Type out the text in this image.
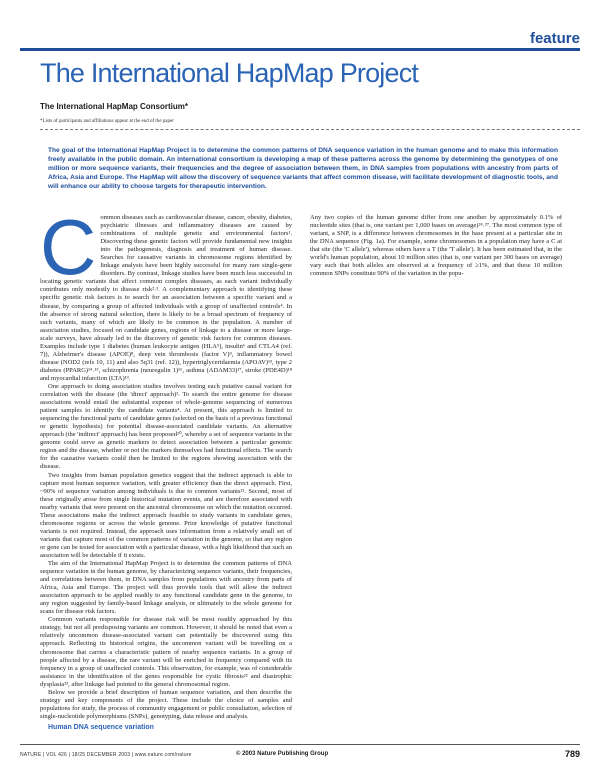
feature
The International HapMap Project
The International HapMap Consortium*
*Lists of participants and affiliations appear at the end of the paper

The goal of the International HapMap Project is to determine the common patterns of DNA sequence variation in the human genome and to make this information freely available in the public domain. An international consortium is developing a map of these patterns across the genome by determining the genotypes of one million or more sequence variants, their frequencies and the degree of association between them, in DNA samples from populations with ancestry from parts of Africa, Asia and Europe. The HapMap will allow the discovery of sequence variants that affect common disease, will facilitate development of diagnostic tools, and will enhance our ability to choose targets for therapeutic intervention.

Common diseases such as cardiovascular disease, cancer, obesity, diabetes, psychiatric illnesses and inflammatory diseases are caused by combinations of multiple genetic and environmental factors¹. Discovering these genetic factors will provide fundamental new insights into the pathogenesis, diagnosis and treatment of human disease. Searches for causative variants in chromosome regions identified by linkage analysis have been highly successful for many rare single-gene disorders. By contrast, linkage studies have been much less successful in locating genetic variants that affect common complex diseases, as each variant individually contributes only modestly to disease risk²˒³. A complementary approach to identifying these specific genetic risk factors is to search for an association between a specific variant and a disease, by comparing a group of affected individuals with a group of unaffected controls⁴. In the absence of strong natural selection, there is likely to be a broad spectrum of frequency of such variants, many of which are likely to be common in the population. A number of association studies, focused on candidate genes, regions of linkage to a disease or more large-scale surveys, have already led to the discovery of genetic risk factors for common diseases. Examples include type 1 diabetes (human leukocyte antigen (HLA⁵), insulin⁶ and CTLA4 (ref. 7)), Alzheimer's disease (APOE)⁸, deep vein thrombosis (factor V)⁹, inflammatory bowel disease (NOD2 (refs 10, 11) and also 5q31 (ref. 12)), hypertriglyceridaemia (APOAV)¹³, type 2 diabetes (PPARG)¹⁴˒¹⁵, schizophrenia (neuregulin 1)¹⁶, asthma (ADAM33)¹⁷, stroke (PDE4D)¹⁸ and myocardial infarction (LTA)¹⁹.

One approach to doing association studies involves testing each putative causal variant for correlation with the disease (the 'direct' approach)². To search the entire genome for disease associations would entail the substantial expense of whole-genome sequencing of numerous patient samples to identify the candidate variants⁴. At present, this approach is limited to sequencing the functional parts of candidate genes (selected on the basis of a previous functional or genetic hypothesis) for potential disease-associated candidate variants. An alternative approach (the 'indirect' approach) has been proposed²⁰, whereby a set of sequence variants in the genome could serve as genetic markers to detect association between a particular genomic region and the disease, whether or not the markers themselves had functional effects. The search for the causative variants could then be limited to the regions showing association with the disease.

Two insights from human population genetics suggest that the indirect approach is able to capture most human sequence variation, with greater efficiency than the direct approach. First, ~90% of sequence variation among individuals is due to common variants²¹. Second, most of these originally arose from single historical mutation events, and are therefore associated with nearby variants that were present on the ancestral chromosome on which the mutation occurred. These associations make the indirect approach feasible to study variants in candidate genes, chromosome regions or across the whole genome. Prior knowledge of putative functional variants is not required. Instead, the approach uses information from a relatively small set of variants that capture most of the common patterns of variation in the genome, so that any region or gene can be tested for association with a particular disease, with a high likelihood that such an association will be detectable if it exists.

The aim of the International HapMap Project is to determine the common patterns of DNA sequence variation in the human genome, by characterizing sequence variants, their frequencies, and correlations between them, in DNA samples from populations with ancestry from parts of Africa, Asia and Europe. The project will thus provide tools that will allow the indirect association approach to be applied readily to any functional candidate gene in the genome, to any region suggested by family-based linkage analysis, or ultimately to the whole genome for scans for disease risk factors.

Common variants responsible for disease risk will be most readily approached by this strategy, but not all predisposing variants are common. However, it should be noted that even a relatively uncommon disease-associated variant can potentially be discovered using this approach. Reflecting its historical origins, the uncommon variant will be travelling on a chromosome that carries a characteristic pattern of nearby sequence variants. In a group of people affected by a disease, the rare variant will be enriched in frequency compared with its frequency in a group of unaffected controls. This observation, for example, was of considerable assistance in the identification of the genes responsible for cystic fibrosis²² and diastrophic dysplasia²³, after linkage had pointed to the general chromosomal region.

Below we provide a brief description of human sequence variation, and then describe the strategy and key components of the project. These include the choice of samples and populations for study, the process of community engagement or public consultation, selection of single-nucleotide polymorphisms (SNPs), genotyping, data release and analysis.

Human DNA sequence variation

Any two copies of the human genome differ from one another by approximately 0.1% of nucleotide sites (that is, one variant per 1,000 bases on average)²⁴˒²⁷. The most common type of variant, a SNP, is a difference between chromosomes in the base present at a particular site in the DNA sequence (Fig. 1a). For example, some chromosomes in a population may have a C at that site (the 'C allele'), whereas others have a T (the 'T allele'). It has been estimated that, in the world's human population, about 10 million sites (that is, one variant per 300 bases on average) vary such that both alleles are observed at a frequency of ≥1%, and that these 10 million common SNPs constitute 90% of the variation in the popu-

NATURE | VOL 426 | 18/25 DECEMBER 2003 | www.nature.com/nature	© 2003 Nature Publishing Group	789
